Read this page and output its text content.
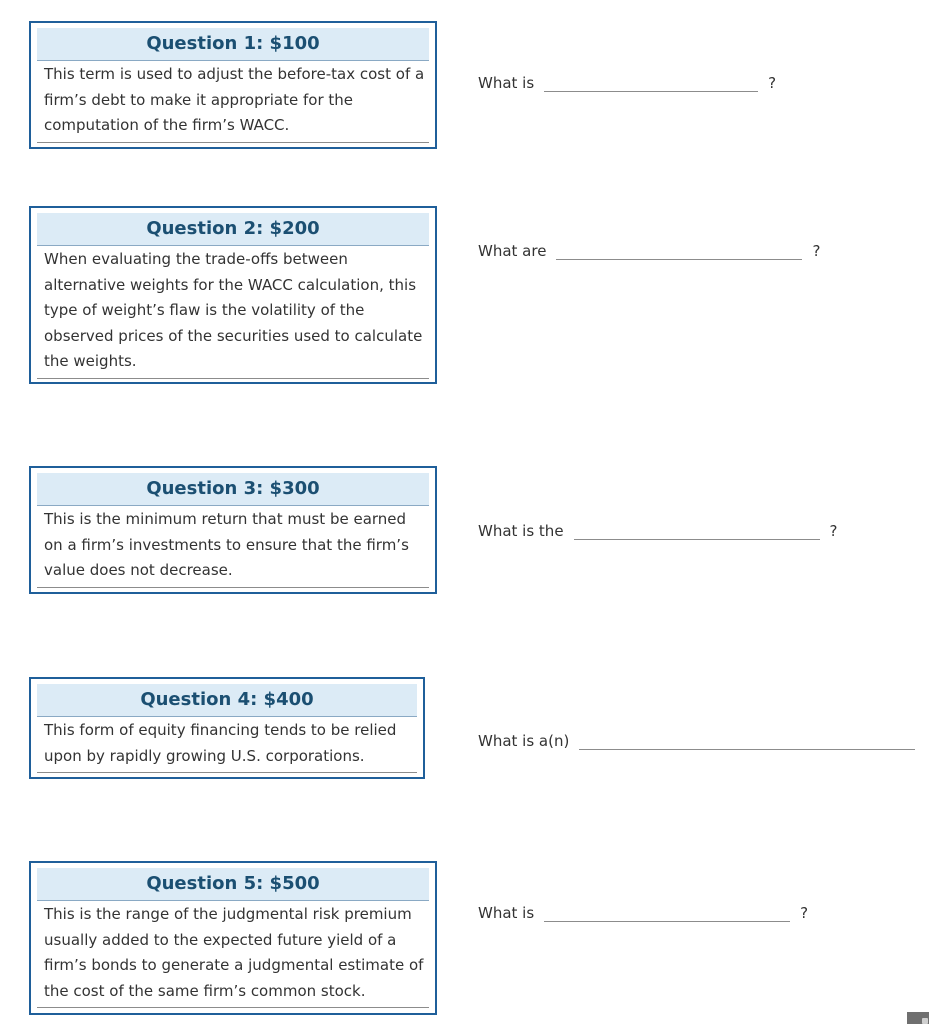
Question 1: $100
This term is used to adjust the before-tax cost of a firm’s debt to make it appropriate for the computation of the firm’s WACC.
What is	?
Question 2: $200
When evaluating the trade-offs between alternative weights for the WACC calculation, this type of weight’s flaw is the volatility of the observed prices of the securities used to calculate the weights.
What are	?
Question 3: $300
This is the minimum return that must be earned on a firm’s investments to ensure that the firm’s value does not decrease.
What is the	?
Question 4: $400
This form of equity financing tends to be relied upon by rapidly growing U.S. corporations.
What is a(n)
Question 5: $500
This is the range of the judgmental risk premium usually added to the expected future yield of a firm’s bonds to generate a judgmental estimate of the cost of the same firm’s common stock.
What is	?
